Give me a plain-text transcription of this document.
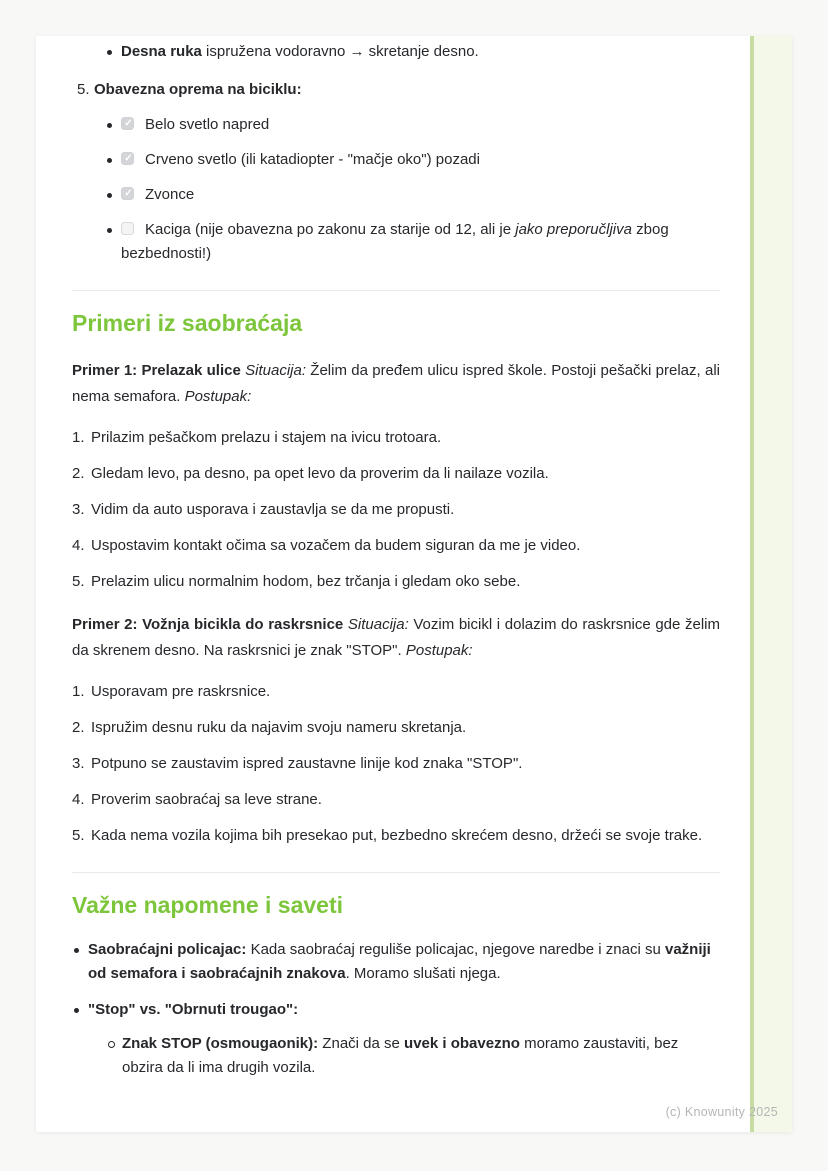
Desna ruka ispružena vodoravno → skretanje desno.
5. Obavezna oprema na biciklu:
✓Belo svetlo napred
✓Crveno svetlo (ili katadiopter - "mačje oko") pozadi
✓Zvonce
Kaciga (nije obavezna po zakonu za starije od 12, ali je jako preporučljiva zbog bezbednosti!)
Primeri iz saobraćaja

Primer 1: Prelazak ulice Situacija: Želim da pređem ulicu ispred škole. Postoji pešački prelaz, ali nema semafora. Postupak:

1. Prilazim pešačkom prelazu i stajem na ivicu trotoara.
2. Gledam levo, pa desno, pa opet levo da proverim da li nailaze vozila.
3. Vidim da auto usporava i zaustavlja se da me propusti.
4. Uspostavim kontakt očima sa vozačem da budem siguran da me je video.
5. Prelazim ulicu normalnim hodom, bez trčanja i gledam oko sebe.

Primer 2: Vožnja bicikla do raskrsnice Situacija: Vozim bicikl i dolazim do raskrsnice gde želim da skrenem desno. Na raskrsnici je znak "STOP". Postupak:

1. Usporavam pre raskrsnice.
2. Ispružim desnu ruku da najavim svoju nameru skretanja.
3. Potpuno se zaustavim ispred zaustavne linije kod znaka "STOP".
4. Proverim saobraćaj sa leve strane.
5. Kada nema vozila kojima bih presekao put, bezbedno skrećem desno, držeći se svoje trake.
Važne napomene i saveti
Saobraćajni policajac: Kada saobraćaj reguliše policajac, njegove naredbe i znaci su važniji od semafora i saobraćajnih znakova. Moramo slušati njega.
"Stop" vs. "Obrnuti trougao":
Znak STOP (osmougaonik): Znači da se uvek i obavezno moramo zaustaviti, bez obzira da li ima drugih vozila.
(c) Knowunity 2025
